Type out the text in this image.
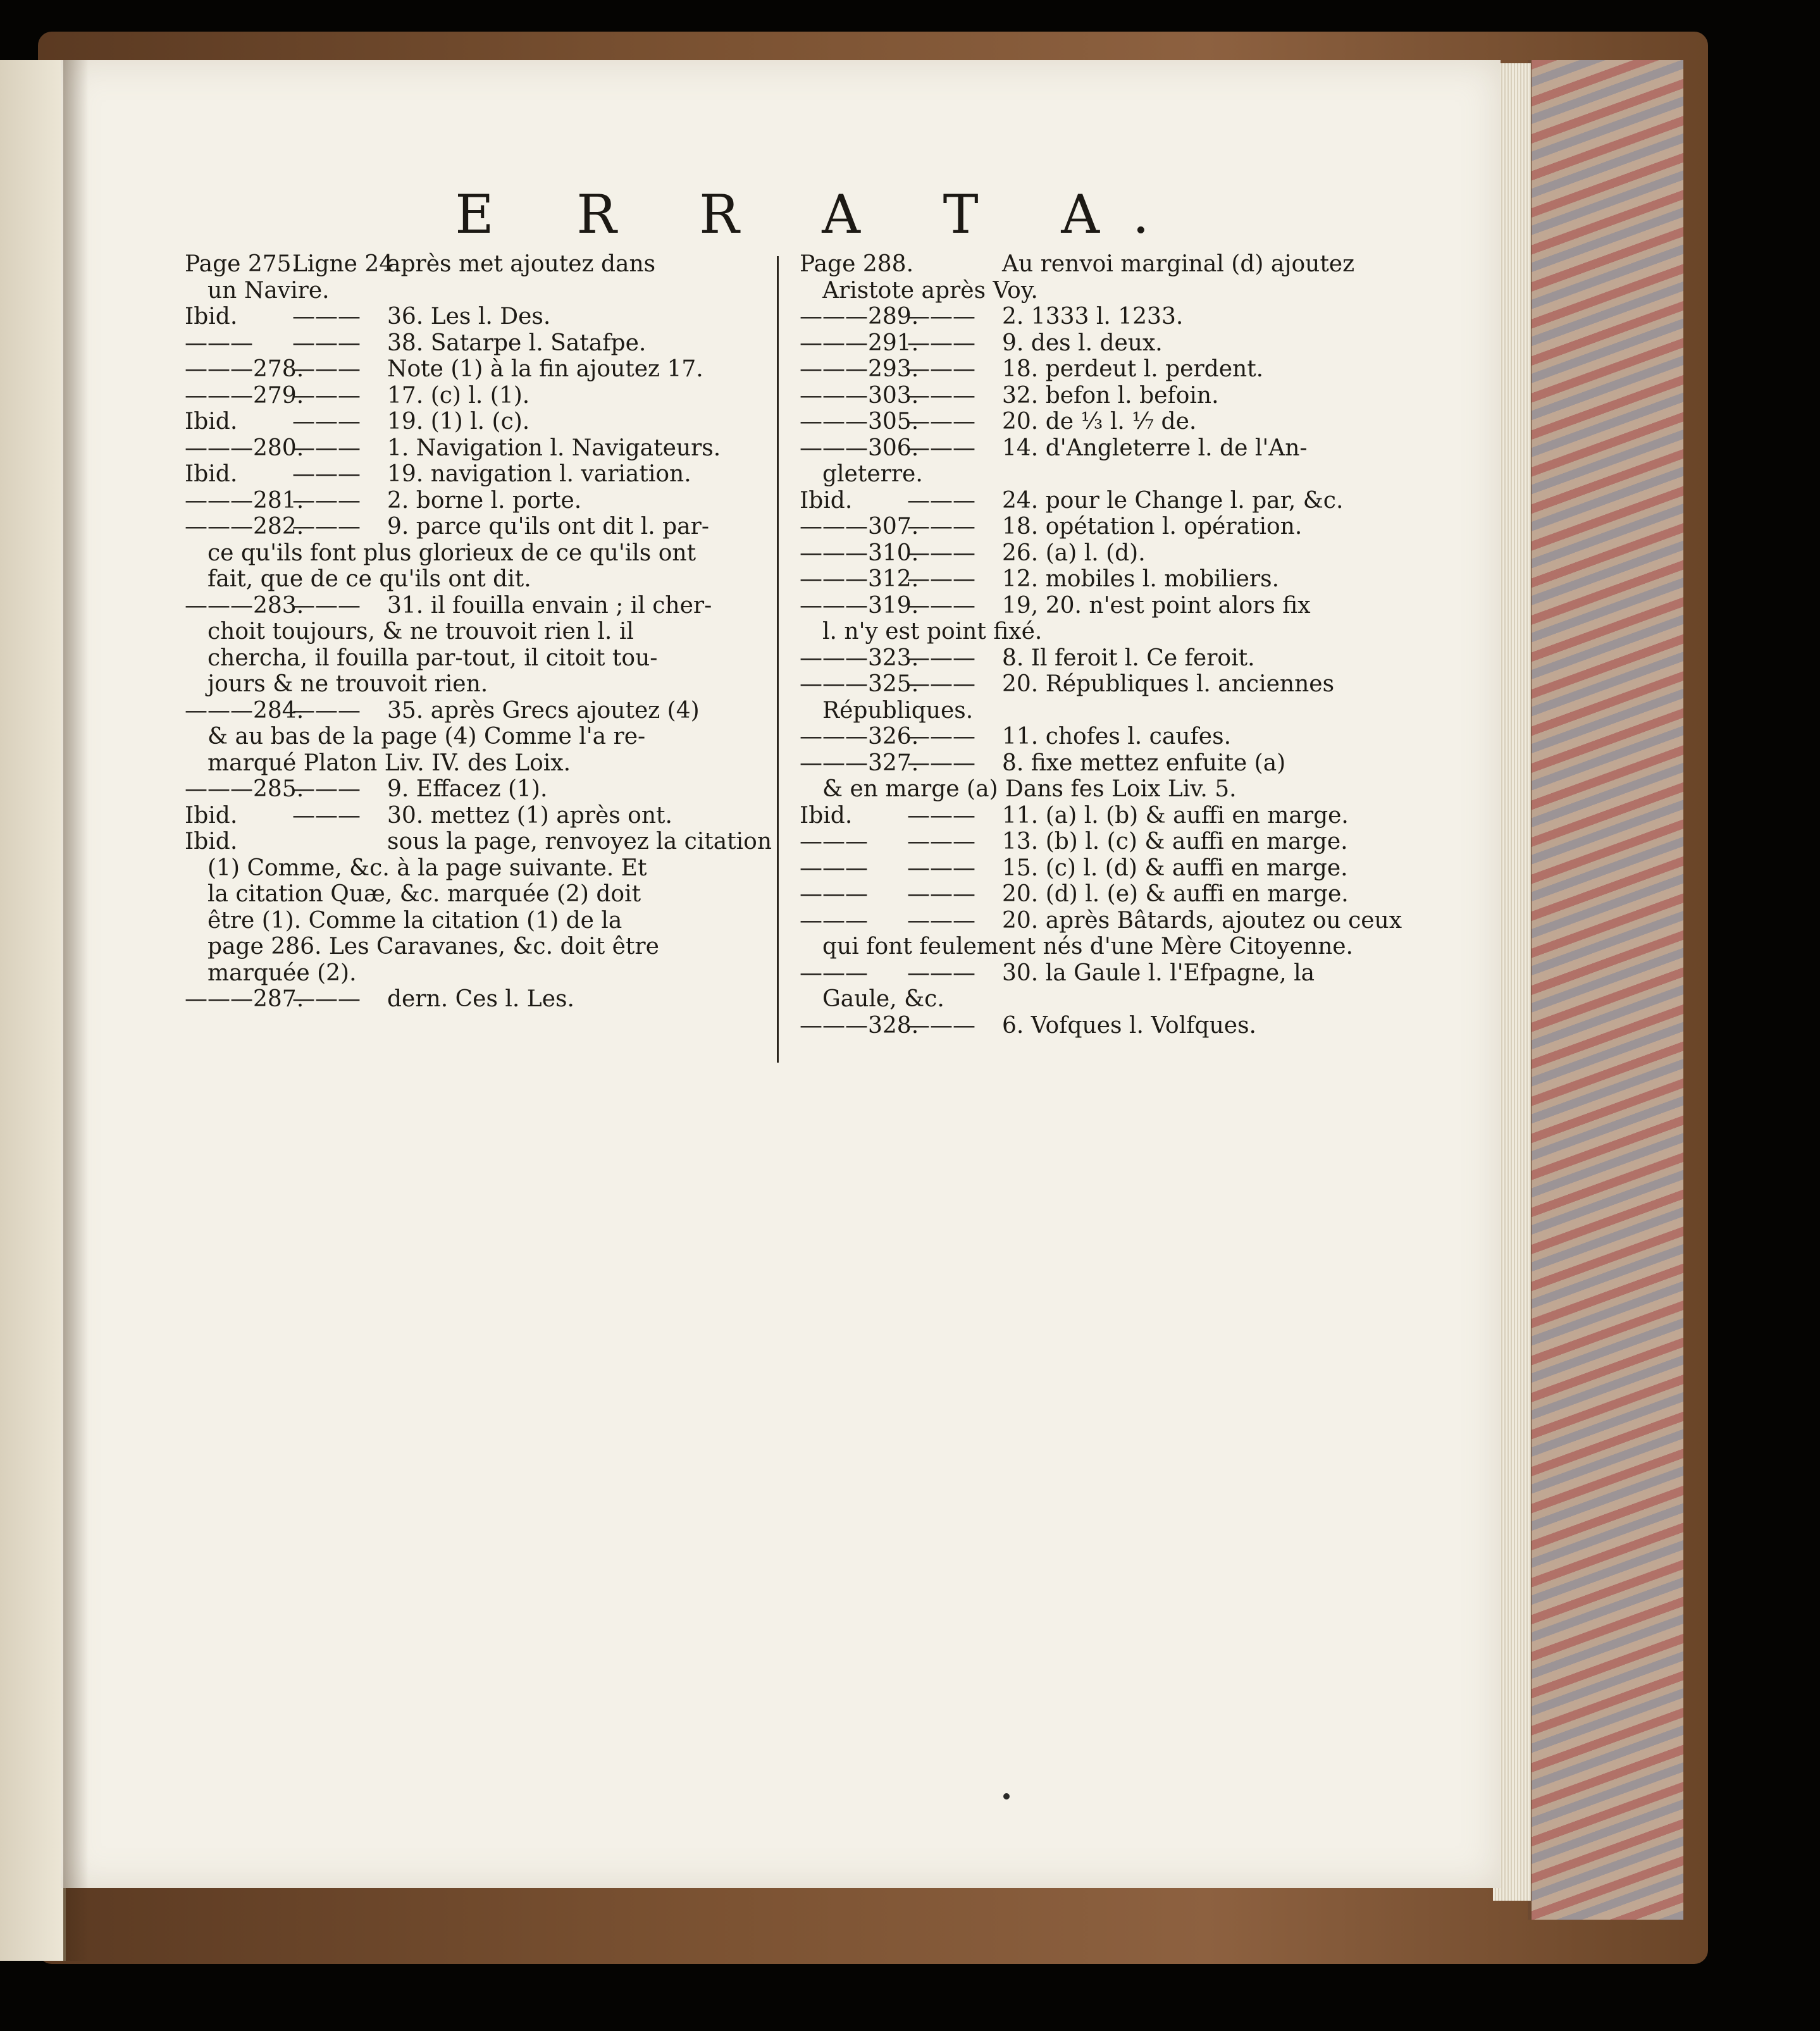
E R R A T A.
Page 275.Ligne 24.après met ajoutez dans
un Navire.
Ibid. ——— 36. Les l. Des.
——— ——— 38. Satarpe l. Satafpe.
———278.——— Note (1) à la fin ajoutez 17.
———279.——— 17. (c) l. (1).
Ibid. ——— 19. (1) l. (c).
———280.——— 1. Navigation l. Navigateurs.
Ibid. ——— 19. navigation l. variation.
———281.——— 2. borne l. porte.
———282.——— 9. parce qu'ils ont dit l. par-
ce qu'ils font plus glorieux de ce qu'ils ont
fait, que de ce qu'ils ont dit.
———283.——— 31. il fouilla envain ; il cher-
choit toujours, & ne trouvoit rien l. il
chercha, il fouilla par-tout, il citoit tou-
jours & ne trouvoit rien.
———284.——— 35. après Grecs ajoutez (4)
& au bas de la page (4) Comme l'a re-
marqué Platon Liv. IV. des Loix.
———285.——— 9. Effacez (1).
Ibid. ——— 30. mettez (1) après ont.
Ibid.	sous la page, renvoyez la citation
(1) Comme, &c. à la page suivante. Et
la citation Quæ, &c. marquée (2) doit
être (1). Comme la citation (1) de la
page 286. Les Caravanes, &c. doit être
marquée (2).
———287.——— dern. Ces l. Les.
Page 288.	Au renvoi marginal (d) ajoutez
Aristote après Voy.
———289.——— 2. 1333 l. 1233.
———291.——— 9. des l. deux.
———293.——— 18. perdeut l. perdent.
———303.——— 32. befon l. befoin.
———305.——— 20. de ⅓ l. ⅐ de.
———306.——— 14. d'Angleterre l. de l'An-
gleterre.
Ibid. ——— 24. pour le Change l. par, &c.
———307.——— 18. opétation l. opération.
———310.——— 26. (a) l. (d).
———312.——— 12. mobiles l. mobiliers.
———319.——— 19, 20. n'est point alors fix
l. n'y est point fixé.
———323.——— 8. Il feroit l. Ce feroit.
———325.——— 20. Républiques l. anciennes
Républiques.
———326.——— 11. chofes l. caufes.
———327.——— 8. fixe mettez enfuite (a)
& en marge (a) Dans fes Loix Liv. 5.
Ibid. ——— 11. (a) l. (b) & auffi en marge.
——— ——— 13. (b) l. (c) & auffi en marge.
——— ——— 15. (c) l. (d) & auffi en marge.
——— ——— 20. (d) l. (e) & auffi en marge.
——— ——— 20. après Bâtards, ajoutez ou ceux
qui font feulement nés d'une Mère Citoyenne.
——— ——— 30. la Gaule l. l'Efpagne, la
Gaule, &c.
———328.——— 6. Vofques l. Volfques.
